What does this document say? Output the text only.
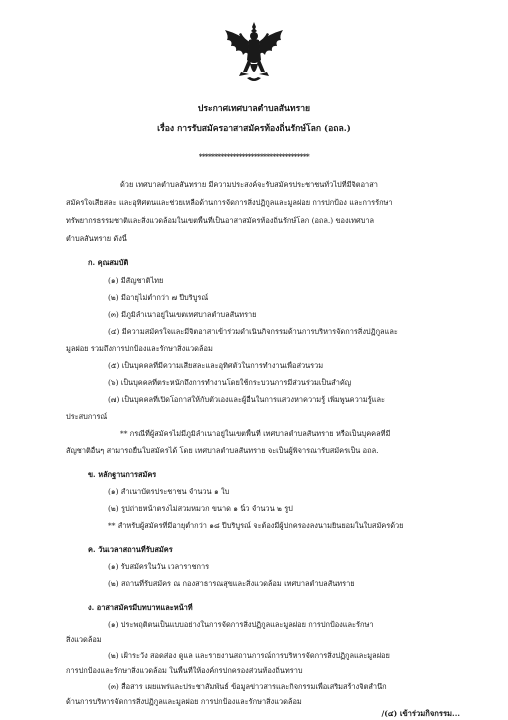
ประกาศเทศบาลตำบลสันทราย
เรื่อง การรับสมัครอาสาสมัครท้องถิ่นรักษ์โลก (อถล.)
************************************
ด้วย เทศบาลตำบลสันทราย มีความประสงค์จะรับสมัครประชาชนทั่วไปที่มีจิตอาสา
สมัครใจเสียสละ และอุทิศตนและช่วยเหลือด้านการจัดการสิ่งปฏิกูลและมูลฝอย การปกป้อง และการรักษา
ทรัพยากรธรรมชาติและสิ่งแวดล้อมในเขตพื้นที่เป็นอาสาสมัครท้องถิ่นรักษ์โลก (อถล.) ของเทศบาล
ตำบลสันทราย ดังนี้
ก. คุณสมบัติ
(๑) มีสัญชาติไทย
(๒) มีอายุไม่ต่ำกว่า ๗ ปีบริบูรณ์
(๓) มีภูมิลำเนาอยู่ในเขตเทศบาลตำบลสันทราย
(๔) มีความสมัครใจและมีจิตอาสาเข้าร่วมดำเนินกิจกรรมด้านการบริหารจัดการสิ่งปฏิกูลและ
มูลฝอย รวมถึงการปกป้องและรักษาสิ่งแวดล้อม
(๕) เป็นบุคคลที่มีความเสียสละและอุทิศตัวในการทำงานเพื่อส่วนรวม
(๖) เป็นบุคคลที่ตระหนักถึงการทำงานโดยใช้กระบวนการมีส่วนร่วมเป็นสำคัญ
(๗) เป็นบุคคลที่เปิดโอกาสให้กับตัวเองและผู้อื่นในการแสวงหาความรู้ เพิ่มพูนความรู้และ
ประสบการณ์
** กรณีที่ผู้สมัครไม่มีภูมิลำเนาอยู่ในเขตพื้นที่ เทศบาลตำบลสันทราย หรือเป็นบุคคลที่มี
สัญชาติอื่นๆ สามารถยื่นใบสมัครได้ โดย เทศบาลตำบลสันทราย จะเป็นผู้พิจารณารับสมัครเป็น อถล.
ข. หลักฐานการสมัคร
(๑) สำเนาบัตรประชาชน จำนวน ๑ ใบ
(๒) รูปถ่ายหน้าตรงไม่สวมหมวก ขนาด ๑ นิ้ว จำนวน ๒ รูป
** สำหรับผู้สมัครที่มีอายุต่ำกว่า ๑๘ ปีบริบูรณ์ จะต้องมีผู้ปกครองลงนามยินยอมในใบสมัครด้วย
ค. วันเวลาสถานที่รับสมัคร
(๑) รับสมัครในวัน เวลาราชการ
(๒) สถานที่รับสมัคร ณ กองสาธารณสุขและสิ่งแวดล้อม เทศบาลตำบลสันทราย
ง. อาสาสมัครมีบทบาทและหน้าที่
(๑) ประพฤติตนเป็นแบบอย่างในการจัดการสิ่งปฏิกูลและมูลฝอย การปกป้องและรักษา
สิ่งแวดล้อม
(๒) เฝ้าระวัง สอดส่อง ดูแล และรายงานสถานการณ์การบริหารจัดการสิ่งปฏิกูลและมูลฝอย
การปกป้องและรักษาสิ่งแวดล้อม ในพื้นที่ให้องค์กรปกครองส่วนท้องถิ่นทราบ
(๓) สื่อสาร เผยแพร่และประชาสัมพันธ์ ข้อมูลข่าวสารและกิจกรรมเพื่อเสริมสร้างจิตสำนึก
ด้านการบริหารจัดการสิ่งปฏิกูลและมูลฝอย การปกป้องและรักษาสิ่งแวดล้อม
/(๔) เข้าร่วมกิจกรรม...
